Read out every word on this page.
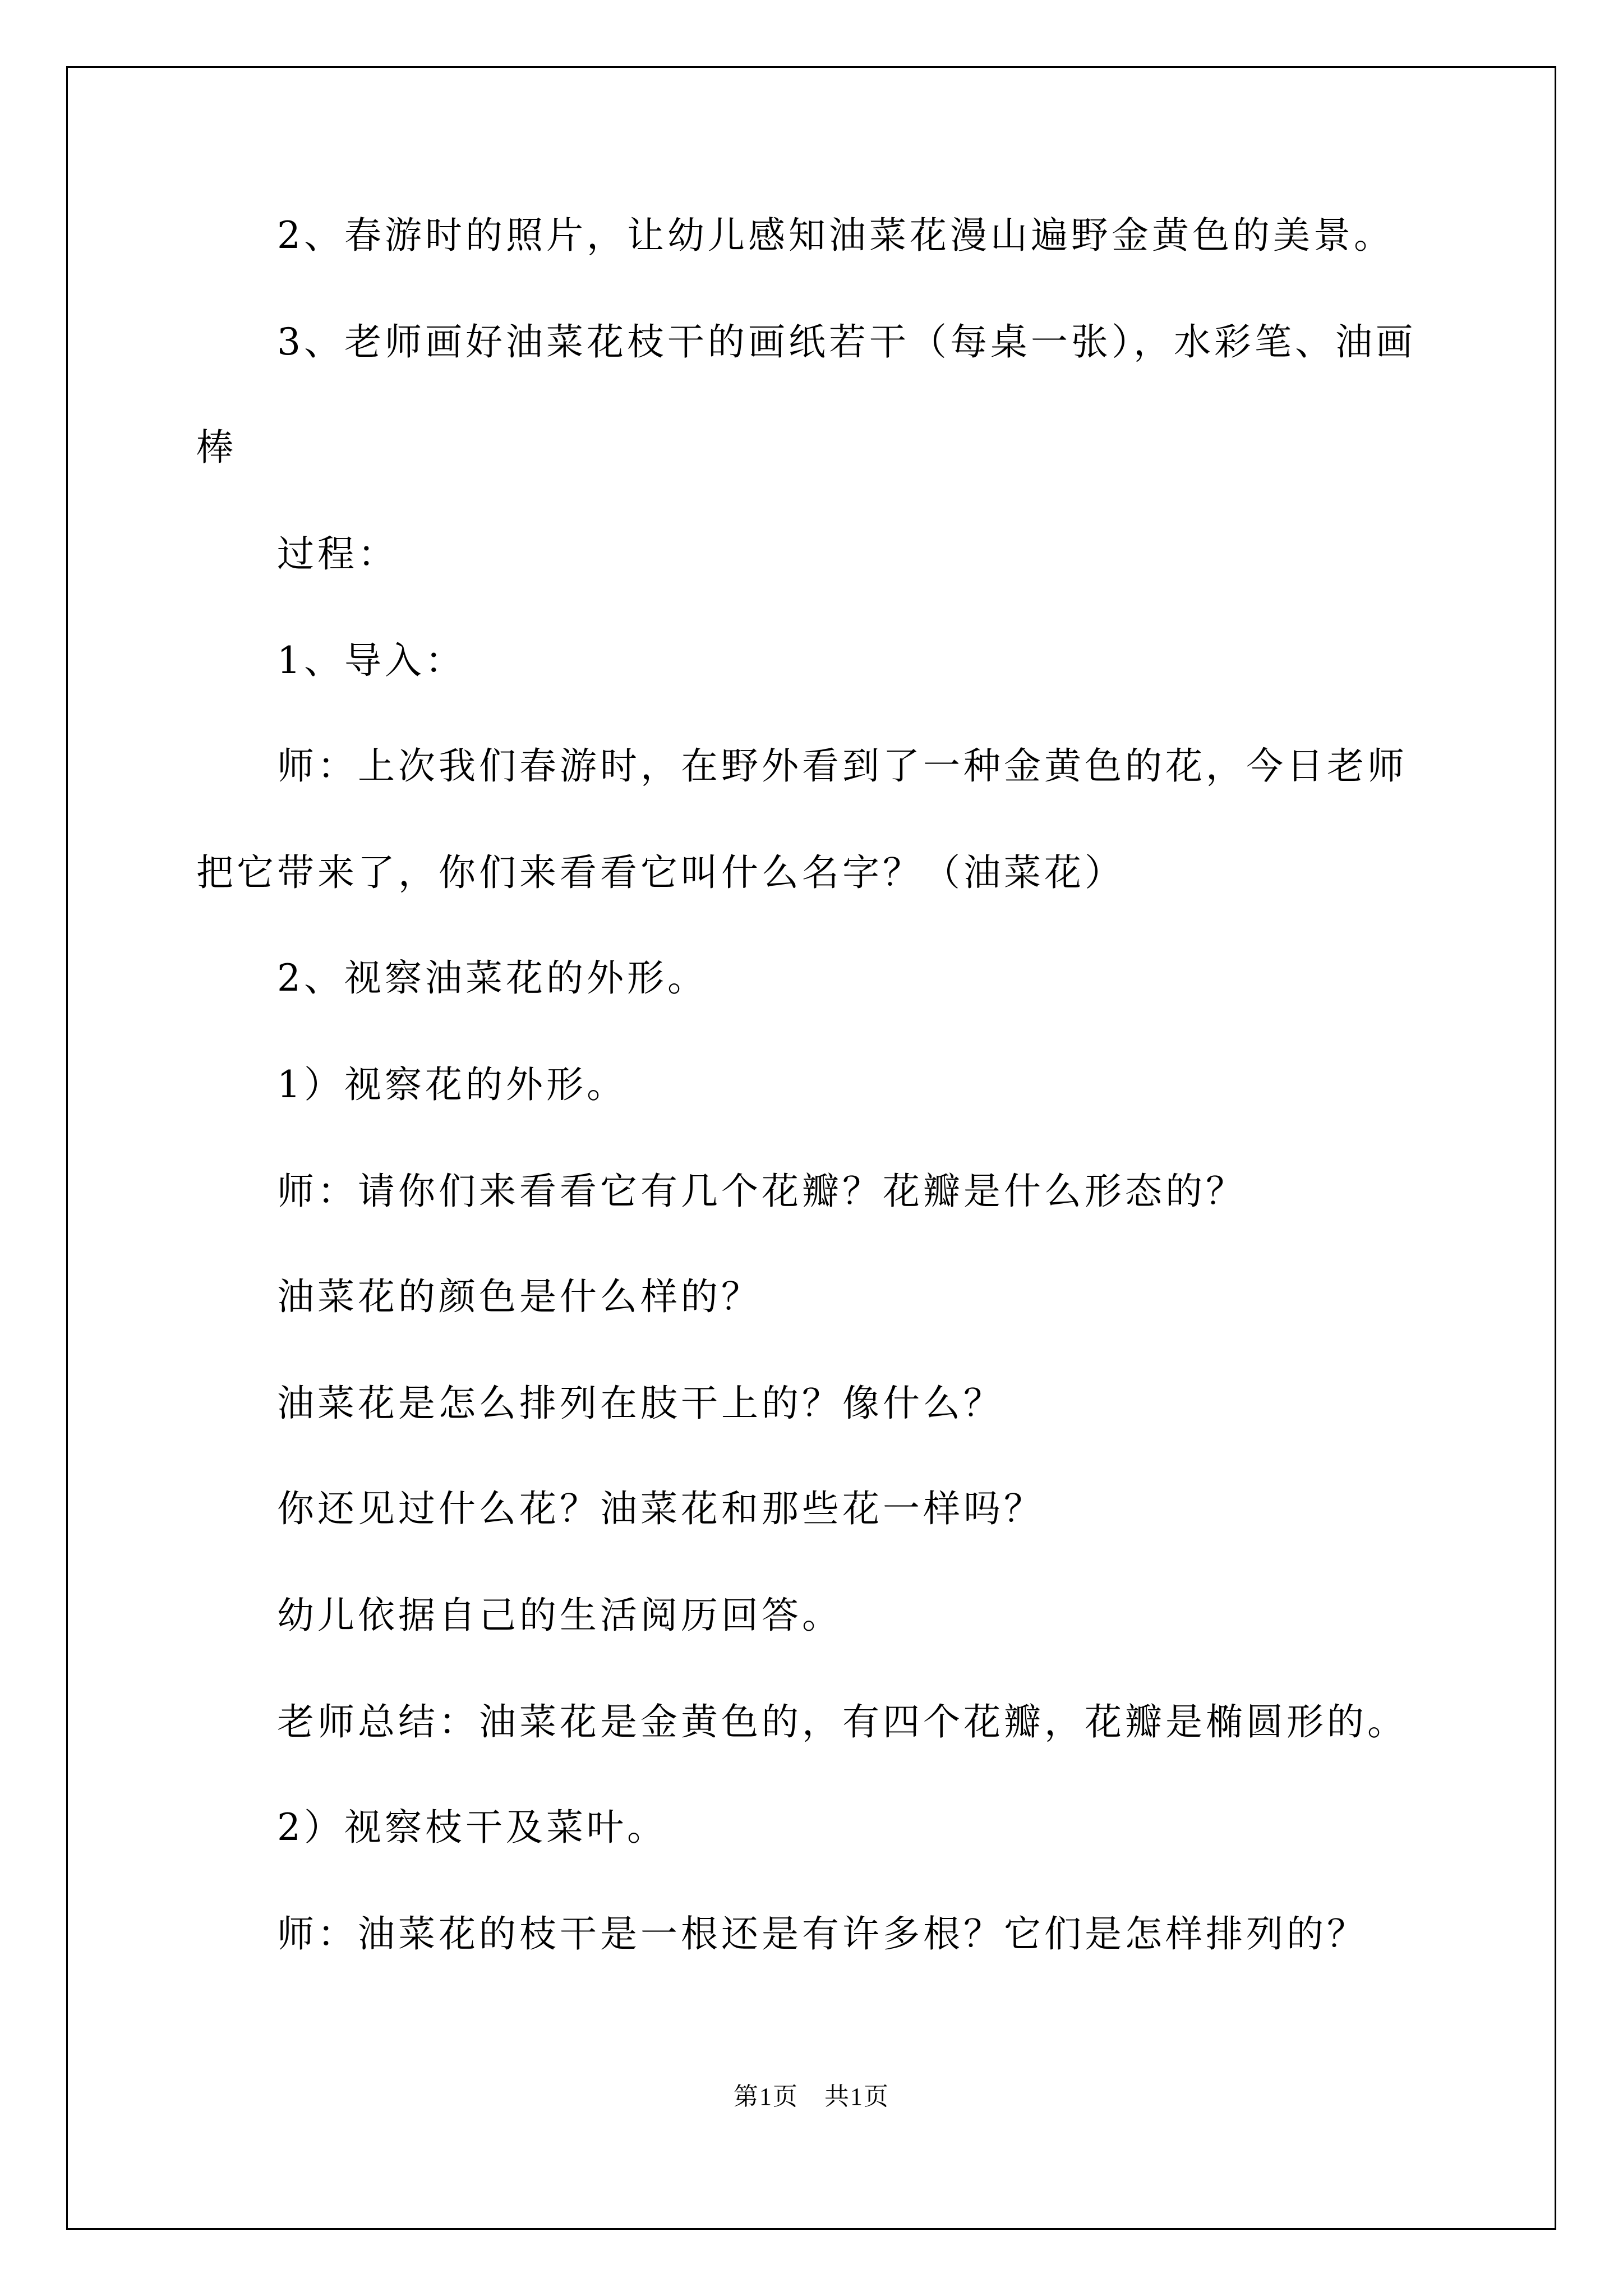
2、春游时的照片，让幼儿感知油菜花漫山遍野金黄色的美景。
3、老师画好油菜花枝干的画纸若干（每桌一张），水彩笔、油画
棒
过程：
1、导入：
师：上次我们春游时，在野外看到了一种金黄色的花，今日老师
把它带来了，你们来看看它叫什么名字？（油菜花）
2、视察油菜花的外形。
1）视察花的外形。
师：请你们来看看它有几个花瓣？花瓣是什么形态的？
油菜花的颜色是什么样的？
油菜花是怎么排列在肢干上的？像什么？
你还见过什么花？油菜花和那些花一样吗？
幼儿依据自己的生活阅历回答。
老师总结：油菜花是金黄色的，有四个花瓣，花瓣是椭圆形的。
2）视察枝干及菜叶。
师：油菜花的枝干是一根还是有许多根？它们是怎样排列的？
第1页　共1页
